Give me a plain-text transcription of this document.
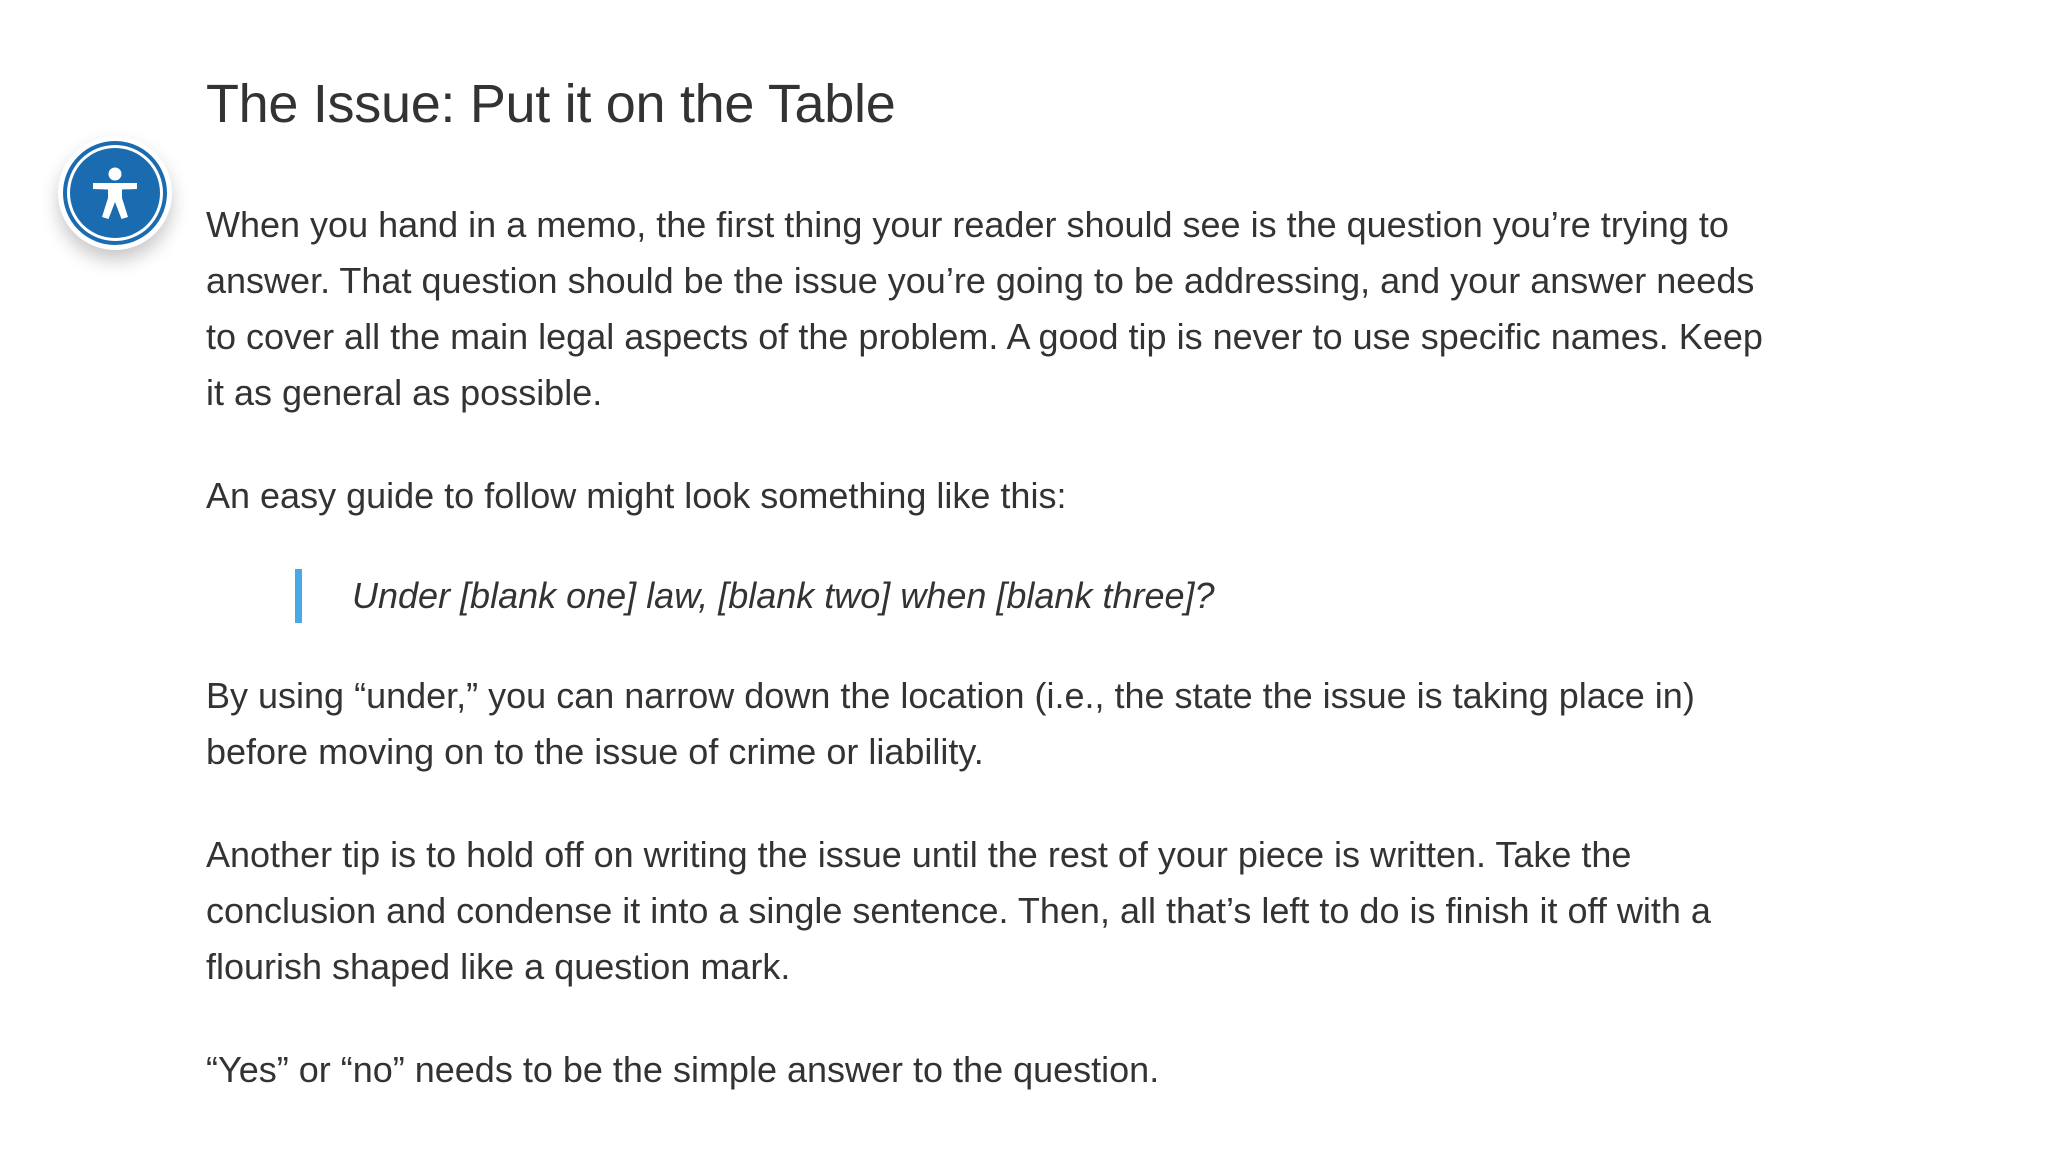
The Issue: Put it on the Table

When you hand in a memo, the first thing your reader should see is the question you’re trying to answer. That question should be the issue you’re going to be addressing, and your answer needs to cover all the main legal aspects of the problem. A good tip is never to use specific names. Keep it as general as possible.

An easy guide to follow might look something like this:

Under [blank one] law, [blank two] when [blank three]?

By using “under,” you can narrow down the location (i.e., the state the issue is taking place in) before moving on to the issue of crime or liability.

Another tip is to hold off on writing the issue until the rest of your piece is written. Take the conclusion and condense it into a single sentence. Then, all that’s left to do is finish it off with a flourish shaped like a question mark.

“Yes” or “no” needs to be the simple answer to the question.
